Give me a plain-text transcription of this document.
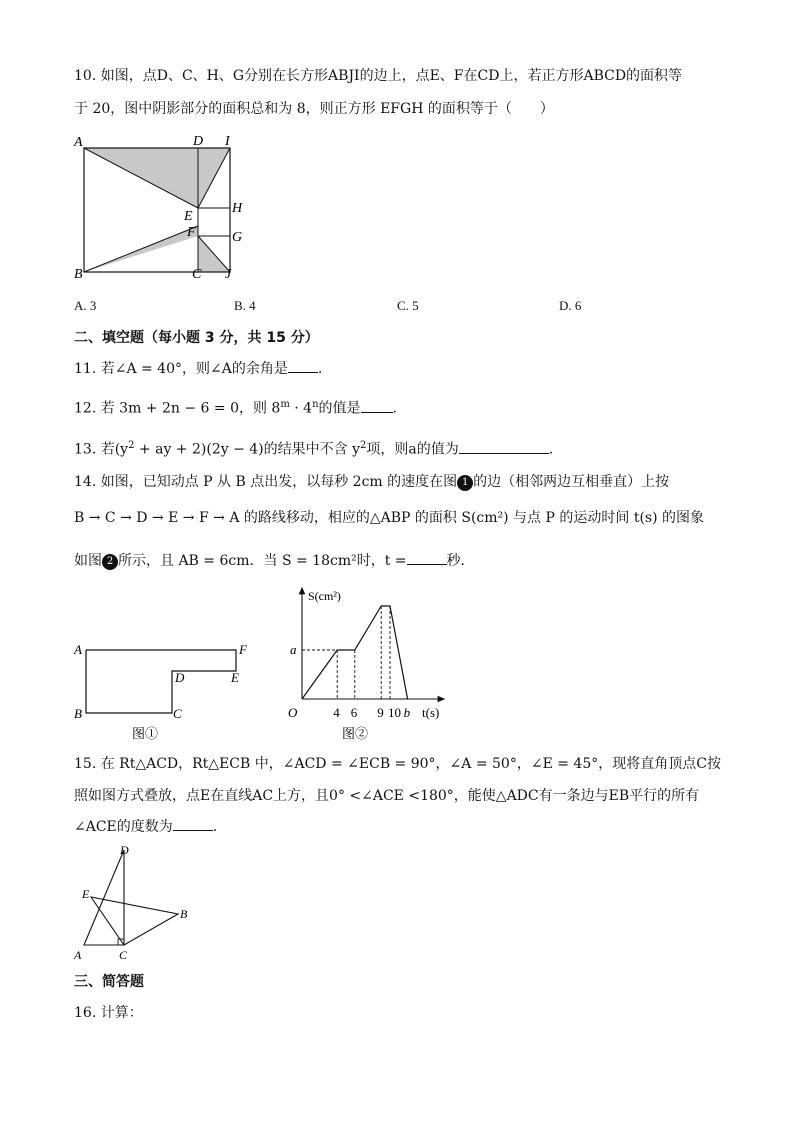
10. 如图，点D、C、H、G分别在长方形ABJI的边上，点E、F在CD上，若正方形ABCD的面积等
于 20，图中阴影部分的面积总和为 8，则正方形 EFGH 的面积等于（　　）
A	D I
E
H
F	G
B	C J
A. 3	B. 4	C. 5	D. 6
二、填空题（每小题 3 分，共 15 分）
11. 若∠A = 40°，则∠A的余角是 .
12. 若 3m + 2n − 6 = 0，则 $8^m \cdot 4^n$的值是 .
13. 若($y^2$ + ay + 2)(2y − 4)的结果中不含 $y^2$项，则a的值为	.
14. 如图，已知动点 P 从 B 点出发，以每秒 2cm 的速度在图 1 的边（相邻两边互相垂直）上按
B → C → D → E → F → A 的路线移动，相应的△ABP 的面积 S(cm²) 与点 P 的运动时间 t(s) 的图象
如图 2 所示，且 AB = 6cm．当 S = 18cm²时，t =	秒．
A	F
D	E
B	C
图①
S(cm²)
t(s)
O
a
图②
4 6 9 10 b
15. 在 Rt△ACD，Rt△ECB 中，∠ACD = ∠ECB = 90°，∠A = 50°，∠E = 45°，现将直角顶点C按
照如图方式叠放，点E在直线AC上方，且0° <∠ACE <180°，能使△ADC有一条边与EB平行的所有
∠ACE的度数为	.
D
E
B
A	C
三、简答题
16. 计算：
